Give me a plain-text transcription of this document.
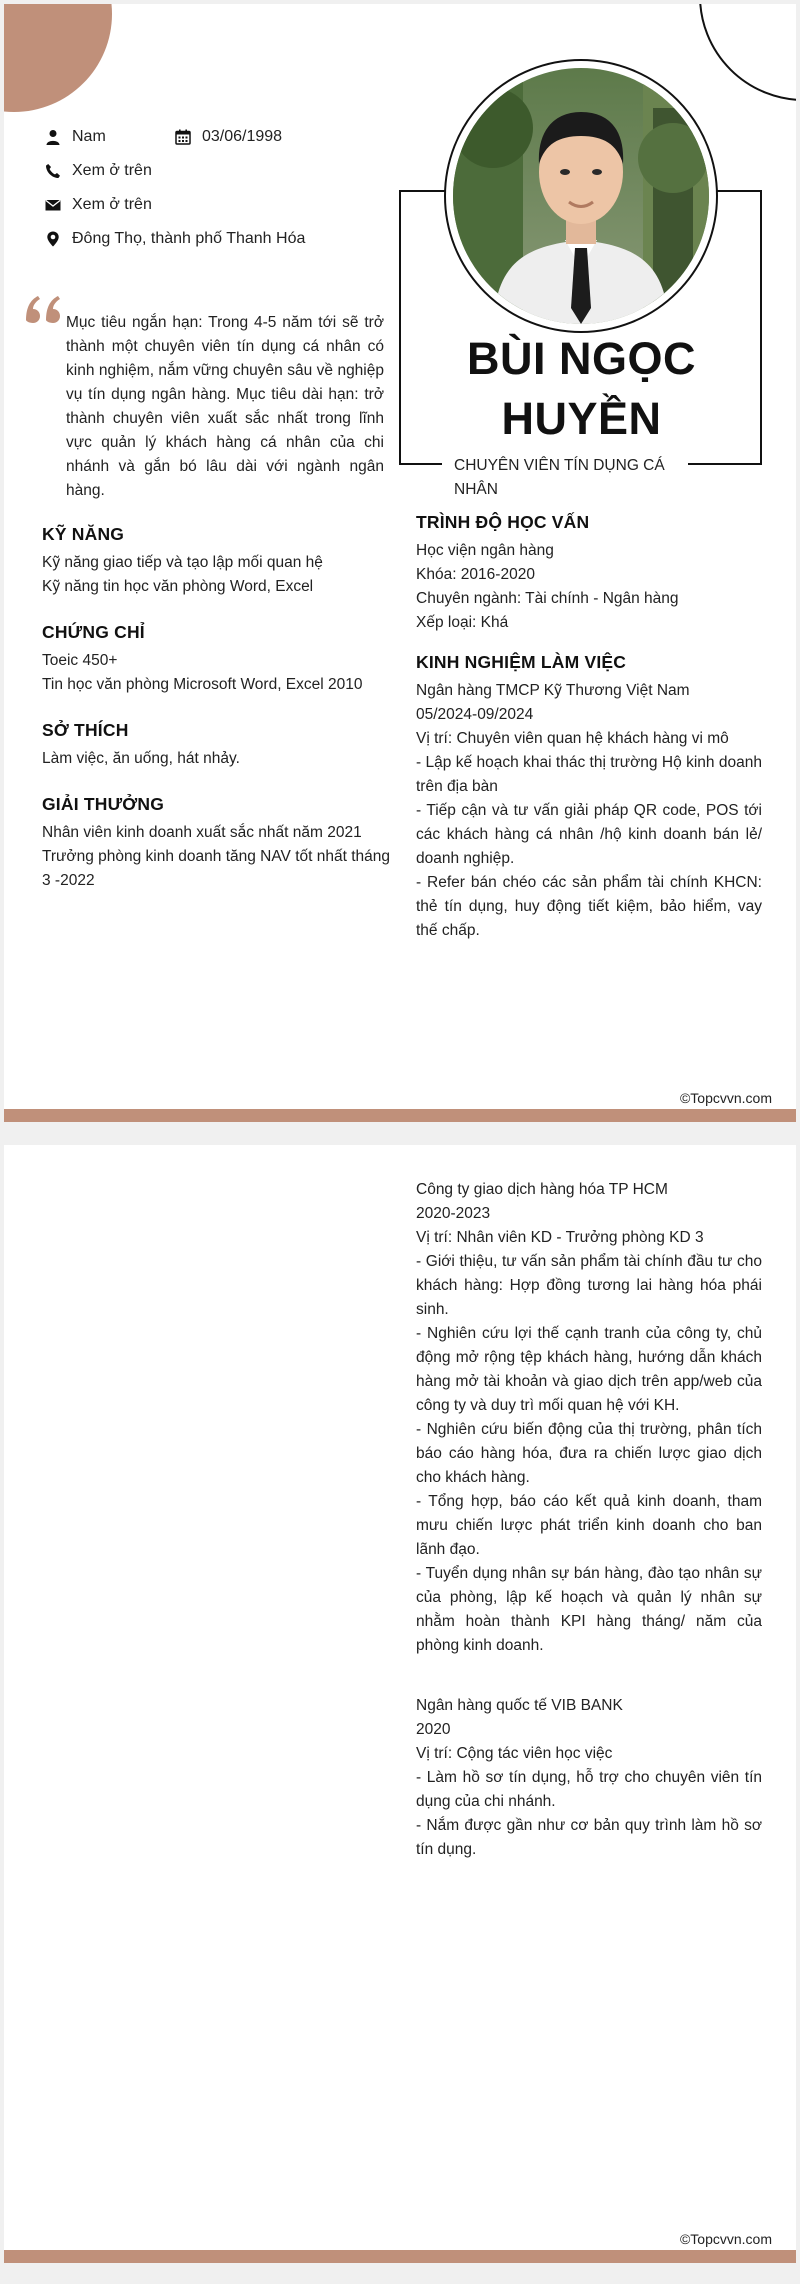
Nam	03/06/1998
Xem ở trên
Xem ở trên
Đông Thọ, thành phố Thanh Hóa

Mục tiêu ngắn hạn: Trong 4-5 năm tới sẽ trở thành một chuyên viên tín dụng cá nhân có kinh nghiệm, nắm vững chuyên sâu về nghiệp vụ tín dụng ngân hàng. Mục tiêu dài hạn: trở thành chuyên viên xuất sắc nhất trong lĩnh vực quản lý khách hàng cá nhân của chi nhánh và gắn bó lâu dài với ngành ngân hàng.

KỸ NĂNG
Kỹ năng giao tiếp và tạo lập mối quan hệ
Kỹ năng tin học văn phòng Word, Excel
CHỨNG CHỈ
Toeic 450+
Tin học văn phòng Microsoft Word, Excel 2010
SỞ THÍCH
Làm việc, ăn uống, hát nhảy.
GIẢI THƯỞNG
Nhân viên kinh doanh xuất sắc nhất năm 2021
Trưởng phòng kinh doanh tăng NAV tốt nhất tháng 3 -2022
BÙI NGỌC
HUYỀN
CHUYÊN VIÊN TÍN DỤNG CÁ NHÂN
TRÌNH ĐỘ HỌC VẤN
Học viện ngân hàng
Khóa: 2016-2020
Chuyên ngành: Tài chính - Ngân hàng
Xếp loại: Khá
KINH NGHIỆM LÀM VIỆC
Ngân hàng TMCP Kỹ Thương Việt Nam
05/2024-09/2024
Vị trí: Chuyên viên quan hệ khách hàng vi mô
- Lập kế hoạch khai thác thị trường Hộ kinh doanh trên địa bàn
- Tiếp cận và tư vấn giải pháp QR code, POS tới các khách hàng cá nhân /hộ kinh doanh bán lẻ/ doanh nghiệp.
- Refer bán chéo các sản phẩm tài chính KHCN: thẻ tín dụng, huy động tiết kiệm, bảo hiểm, vay thế chấp.
©Topcvvn.com
Công ty giao dịch hàng hóa TP HCM
2020-2023
Vị trí: Nhân viên KD - Trưởng phòng KD 3
- Giới thiệu, tư vấn sản phẩm tài chính đầu tư cho khách hàng: Hợp đồng tương lai hàng hóa phái sinh.
- Nghiên cứu lợi thế cạnh tranh của công ty, chủ động mở rộng tệp khách hàng, hướng dẫn khách hàng mở tài khoản và giao dịch trên app/web của công ty và duy trì mối quan hệ với KH.
- Nghiên cứu biến động của thị trường, phân tích báo cáo hàng hóa, đưa ra chiến lược giao dịch cho khách hàng.
- Tổng hợp, báo cáo kết quả kinh doanh, tham mưu chiến lược phát triển kinh doanh cho ban lãnh đạo.
- Tuyển dụng nhân sự bán hàng, đào tạo nhân sự của phòng, lập kế hoạch và quản lý nhân sự nhằm hoàn thành KPI hàng tháng/ năm của phòng kinh doanh.
Ngân hàng quốc tế VIB BANK
2020
Vị trí: Cộng tác viên học việc
- Làm hồ sơ tín dụng, hỗ trợ cho chuyên viên tín dụng của chi nhánh.
- Nắm được gần như cơ bản quy trình làm hồ sơ tín dụng.
©Topcvvn.com
